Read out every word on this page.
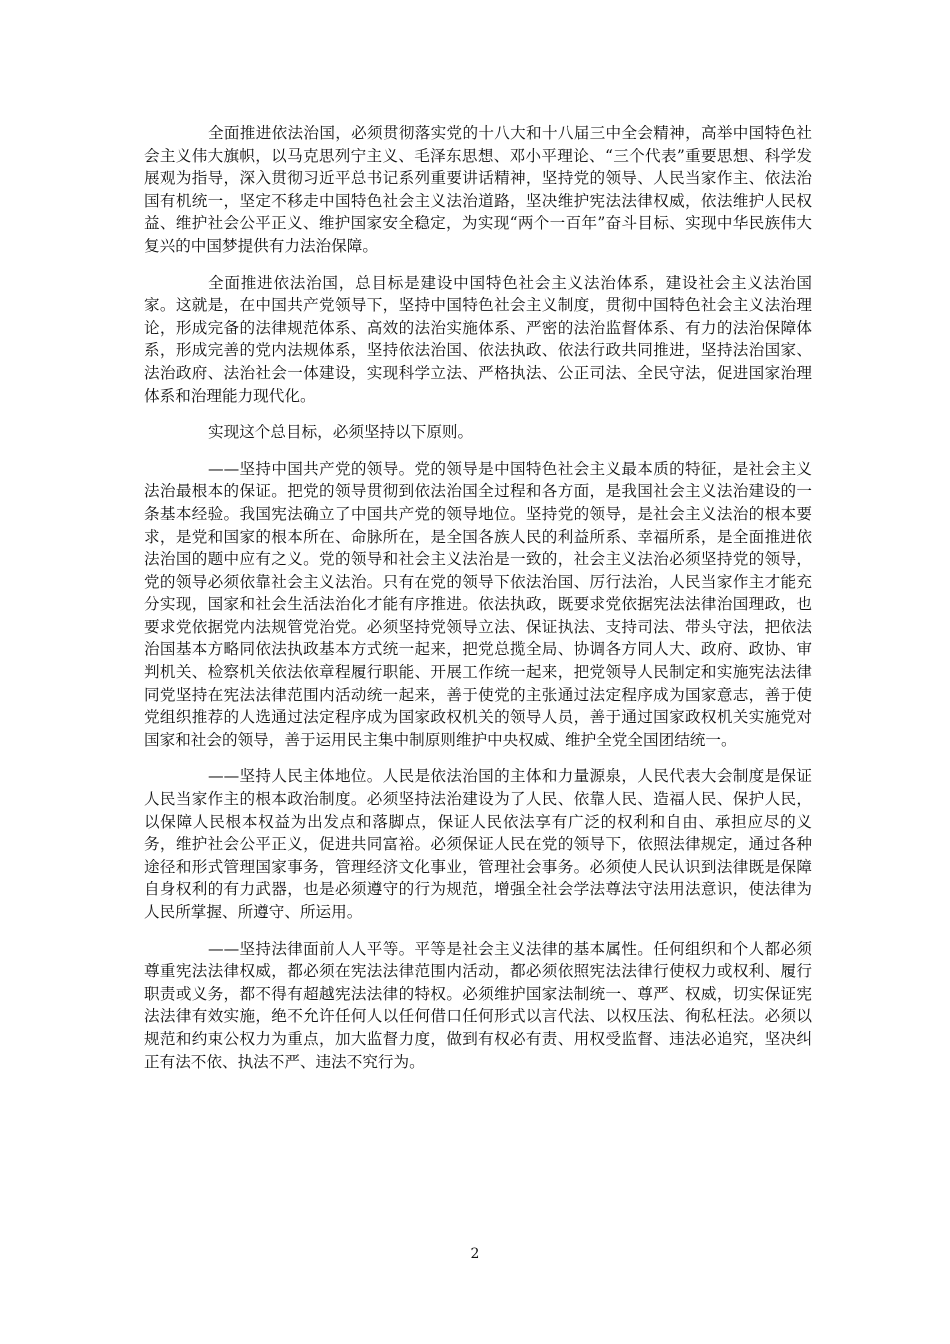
全面推进依法治国，必须贯彻落实党的十八大和十八届三中全会精神，高举中国特色社会主义伟大旗帜，以马克思列宁主义、毛泽东思想、邓小平理论、“三个代表”重要思想、科学发展观为指导，深入贯彻习近平总书记系列重要讲话精神，坚持党的领导、人民当家作主、依法治国有机统一，坚定不移走中国特色社会主义法治道路，坚决维护宪法法律权威，依法维护人民权益、维护社会公平正义、维护国家安全稳定，为实现“两个一百年”奋斗目标、实现中华民族伟大复兴的中国梦提供有力法治保障。

全面推进依法治国，总目标是建设中国特色社会主义法治体系，建设社会主义法治国家。这就是，在中国共产党领导下，坚持中国特色社会主义制度，贯彻中国特色社会主义法治理论，形成完备的法律规范体系、高效的法治实施体系、严密的法治监督体系、有力的法治保障体系，形成完善的党内法规体系，坚持依法治国、依法执政、依法行政共同推进，坚持法治国家、法治政府、法治社会一体建设，实现科学立法、严格执法、公正司法、全民守法，促进国家治理体系和治理能力现代化。

实现这个总目标，必须坚持以下原则。

——坚持中国共产党的领导。党的领导是中国特色社会主义最本质的特征，是社会主义法治最根本的保证。把党的领导贯彻到依法治国全过程和各方面，是我国社会主义法治建设的一条基本经验。我国宪法确立了中国共产党的领导地位。坚持党的领导，是社会主义法治的根本要求，是党和国家的根本所在、命脉所在，是全国各族人民的利益所系、幸福所系，是全面推进依法治国的题中应有之义。党的领导和社会主义法治是一致的，社会主义法治必须坚持党的领导，党的领导必须依靠社会主义法治。只有在党的领导下依法治国、厉行法治，人民当家作主才能充分实现，国家和社会生活法治化才能有序推进。依法执政，既要求党依据宪法法律治国理政，也要求党依据党内法规管党治党。必须坚持党领导立法、保证执法、支持司法、带头守法，把依法治国基本方略同依法执政基本方式统一起来，把党总揽全局、协调各方同人大、政府、政协、审判机关、检察机关依法依章程履行职能、开展工作统一起来，把党领导人民制定和实施宪法法律同党坚持在宪法法律范围内活动统一起来，善于使党的主张通过法定程序成为国家意志，善于使党组织推荐的人选通过法定程序成为国家政权机关的领导人员，善于通过国家政权机关实施党对国家和社会的领导，善于运用民主集中制原则维护中央权威、维护全党全国团结统一。

——坚持人民主体地位。人民是依法治国的主体和力量源泉，人民代表大会制度是保证人民当家作主的根本政治制度。必须坚持法治建设为了人民、依靠人民、造福人民、保护人民，以保障人民根本权益为出发点和落脚点，保证人民依法享有广泛的权利和自由、承担应尽的义务，维护社会公平正义，促进共同富裕。必须保证人民在党的领导下，依照法律规定，通过各种途径和形式管理国家事务，管理经济文化事业，管理社会事务。必须使人民认识到法律既是保障自身权利的有力武器，也是必须遵守的行为规范，增强全社会学法尊法守法用法意识，使法律为人民所掌握、所遵守、所运用。

——坚持法律面前人人平等。平等是社会主义法律的基本属性。任何组织和个人都必须尊重宪法法律权威，都必须在宪法法律范围内活动，都必须依照宪法法律行使权力或权利、履行职责或义务，都不得有超越宪法法律的特权。必须维护国家法制统一、尊严、权威，切实保证宪法法律有效实施，绝不允许任何人以任何借口任何形式以言代法、以权压法、徇私枉法。必须以规范和约束公权力为重点，加大监督力度，做到有权必有责、用权受监督、违法必追究，坚决纠正有法不依、执法不严、违法不究行为。

2
